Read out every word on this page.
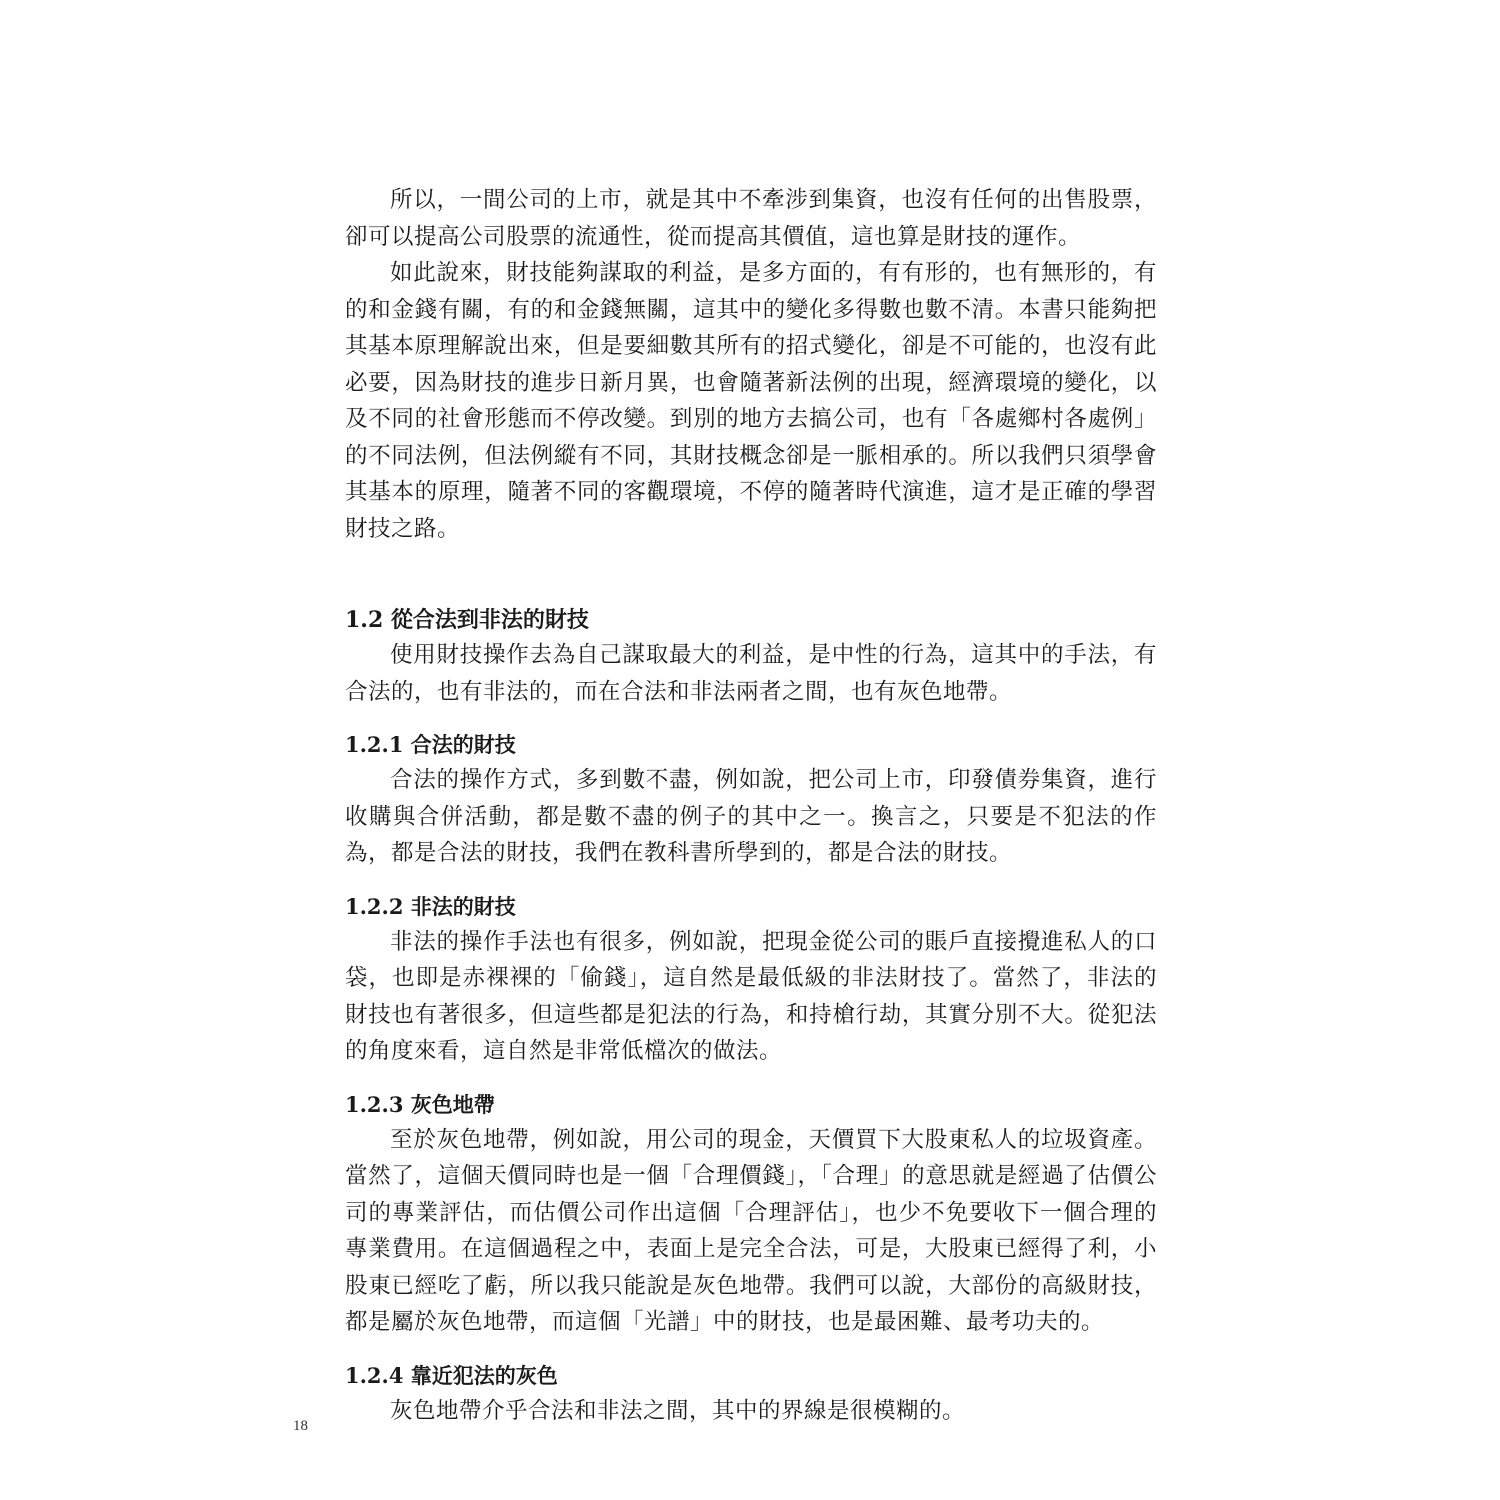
所以，一間公司的上市，就是其中不牽涉到集資，也沒有任何的出售股票，卻可以提高公司股票的流通性，從而提高其價值，這也算是財技的運作。

如此說來，財技能夠謀取的利益，是多方面的，有有形的，也有無形的，有的和金錢有關，有的和金錢無關，這其中的變化多得數也數不清。本書只能夠把其基本原理解說出來，但是要細數其所有的招式變化，卻是不可能的，也沒有此必要，因為財技的進步日新月異，也會隨著新法例的出現，經濟環境的變化，以及不同的社會形態而不停改變。到別的地方去搞公司，也有「各處鄉村各處例」的不同法例，但法例縱有不同，其財技概念卻是一脈相承的。所以我們只須學會其基本的原理，隨著不同的客觀環境，不停的隨著時代演進，這才是正確的學習財技之路。

1.2 從合法到非法的財技

使用財技操作去為自己謀取最大的利益，是中性的行為，這其中的手法，有合法的，也有非法的，而在合法和非法兩者之間，也有灰色地帶。

1.2.1 合法的財技

合法的操作方式，多到數不盡，例如說，把公司上市，印發債券集資，進行收購與合併活動，都是數不盡的例子的其中之一。換言之，只要是不犯法的作為，都是合法的財技，我們在教科書所學到的，都是合法的財技。

1.2.2 非法的財技

非法的操作手法也有很多，例如說，把現金從公司的賬戶直接攪進私人的口袋，也即是赤裸裸的「偷錢」，這自然是最低級的非法財技了。當然了，非法的財技也有著很多，但這些都是犯法的行為，和持槍行劫，其實分別不大。從犯法的角度來看，這自然是非常低檔次的做法。

1.2.3 灰色地帶

至於灰色地帶，例如說，用公司的現金，天價買下大股東私人的垃圾資產。當然了，這個天價同時也是一個「合理價錢」，「合理」的意思就是經過了估價公司的專業評估，而估價公司作出這個「合理評估」，也少不免要收下一個合理的專業費用。在這個過程之中，表面上是完全合法，可是，大股東已經得了利，小股東已經吃了虧，所以我只能說是灰色地帶。我們可以說，大部份的高級財技，都是屬於灰色地帶，而這個「光譜」中的財技，也是最困難、最考功夫的。

1.2.4 靠近犯法的灰色

灰色地帶介乎合法和非法之間，其中的界線是很模糊的。

18
